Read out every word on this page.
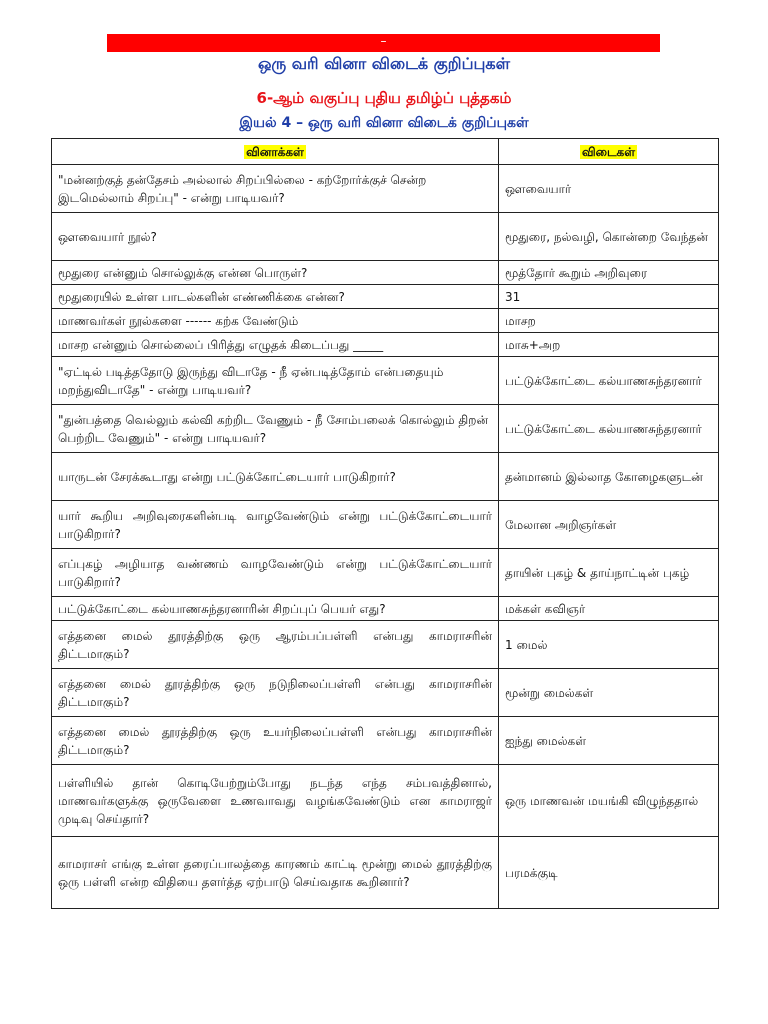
–
ஒரு வரி வினா விடைக் குறிப்புகள்
6-ஆம் வகுப்பு புதிய தமிழ்ப் புத்தகம்
இயல் 4 – ஒரு வரி வினா விடைக் குறிப்புகள்
வினாக்கள்	விடைகள்
"மன்னற்குத் தன்தேசம் அல்லால் சிறப்பில்லை - கற்றோர்க்குச் சென்ற இடமெல்லாம் சிறப்பு" - என்று பாடியவர்?	ஔவையார்
ஔவையார் நூல்?	மூதுரை, நல்வழி, கொன்றை வேந்தன்
மூதுரை என்னும் சொல்லுக்கு என்ன பொருள்?	மூத்தோர் கூறும் அறிவுரை
மூதுரையில் உள்ள பாடல்களின் எண்ணிக்கை என்ன?	31
மாணவர்கள் நூல்களை ------ கற்க வேண்டும்	மாசற
மாசற என்னும் சொல்லைப் பிரித்து எழுதக் கிடைப்பது _____	மாசு+அற
"ஏட்டில் படித்ததோடு இருந்து விடாதே - நீ ஏன்படித்தோம் என்பதையும் மறந்துவிடாதே" - என்று பாடியவர்?	பட்டுக்கோட்டை கல்யாணசுந்தரனார்
"துன்பத்தை வெல்லும் கல்வி கற்றிட வேணும் - நீ சோம்பலைக் கொல்லும் திறன் பெற்றிட வேணும்" - என்று பாடியவர்?	பட்டுக்கோட்டை கல்யாணசுந்தரனார்
யாருடன் சேரக்கூடாது என்று பட்டுக்கோட்டையார் பாடுகிறார்?	தன்மானம் இல்லாத கோழைகளுடன்
யார் கூறிய அறிவுரைகளின்படி வாழவேண்டும் என்று பட்டுக்கோட்டையார் பாடுகிறார்?	மேலான அறிஞர்கள்
எப்புகழ் அழியாத வண்ணம் வாழவேண்டும் என்று பட்டுக்கோட்டையார் பாடுகிறார்?	தாயின் புகழ் & தாய்நாட்டின் புகழ்
பட்டுக்கோட்டை கல்யாணசுந்தரனாரின் சிறப்புப் பெயர் எது?	மக்கள் கவிஞர்
எத்தனை மைல் தூரத்திற்கு ஒரு ஆரம்பப்பள்ளி என்பது காமராசரின் திட்டமாகும்?	1 மைல்
எத்தனை மைல் தூரத்திற்கு ஒரு நடுநிலைப்பள்ளி என்பது காமராசரின் திட்டமாகும்?	மூன்று மைல்கள்
எத்தனை மைல் தூரத்திற்கு ஒரு உயர்நிலைப்பள்ளி என்பது காமராசரின் திட்டமாகும்?	ஐந்து மைல்கள்
பள்ளியில் தான் கொடியேற்றும்போது நடந்த எந்த சம்பவத்தினால், மாணவர்களுக்கு ஒருவேளை உணவாவது வழங்கவேண்டும் என காமராஜர் முடிவு செய்தார்?	ஒரு மாணவன் மயங்கி விழுந்ததால்
காமராசர் எங்கு உள்ள தரைப்பாலத்தை காரணம் காட்டி மூன்று மைல் தூரத்திற்கு ஒரு பள்ளி என்ற விதியை தளர்த்த ஏற்பாடு செய்வதாக கூறினார்?	பரமக்குடி
